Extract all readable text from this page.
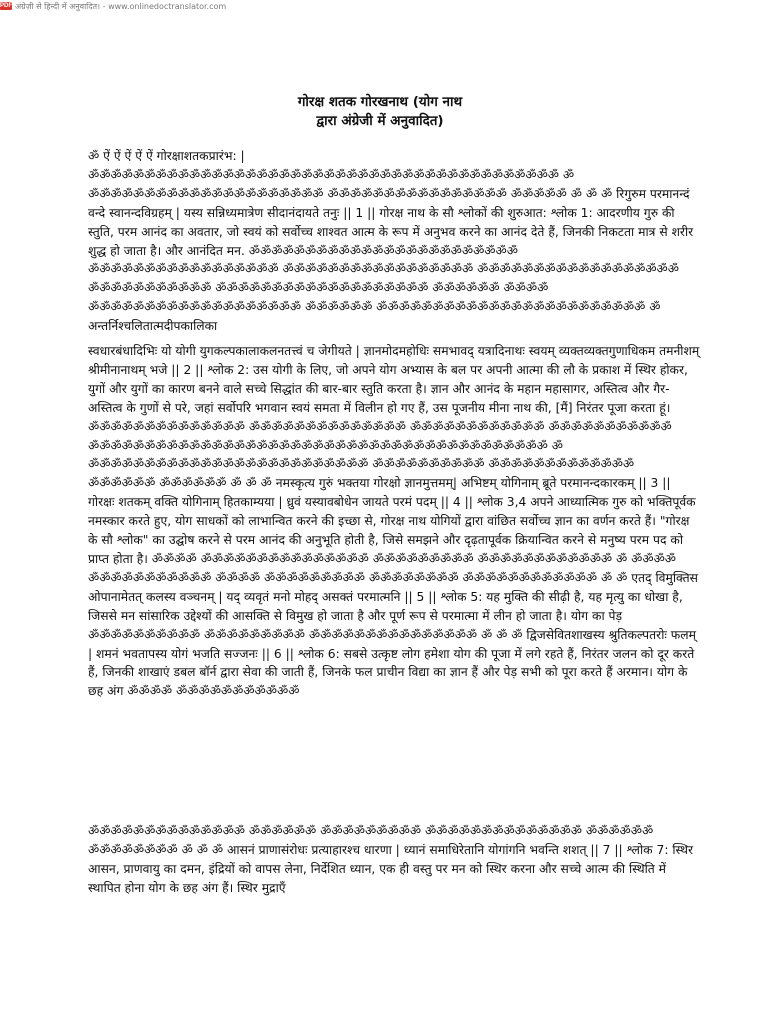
PDF अंग्रेज़ी से हिन्दी में अनुवादित। - www.onlinedoctranslator.com
गोरक्ष शतक गोरखनाथ (योग नाथ
द्वारा अंग्रेजी में अनुवादित)
ॐ ऐं ऐं ऐं ऐं ऐं गोरक्षाशतकप्रारंभ: | ॐॐॐॐॐॐॐॐॐॐॐॐॐॐॐॐॐॐॐॐॐॐॐॐॐॐॐॐॐॐॐॐॐॐॐॐॐॐॐॐॐॐ ॐ ॐॐॐॐॐॐॐॐॐॐॐॐॐॐॐॐॐॐॐॐॐ ॐॐॐॐॐॐॐॐॐॐॐॐॐॐॐॐ ॐॐॐॐॐ ॐ ॐ ॐ रिगुरुम परमानन्दं वन्दे स्वानन्दविग्रहम् | यस्य सन्निध्यमात्रेण सीदानंदायते तनुः || 1 || गोरक्ष नाथ के सौ श्लोकों की शुरुआत: श्लोक 1: आदरणीय गुरु की स्तुति, परम आनंद का अवतार, जो स्वयं को सर्वोच्च शाश्वत आत्म के रूप में अनुभव करने का आनंद देते हैं, जिनकी निकटता मात्र से शरीर शुद्ध हो जाता है। और आनंदित मन. ॐॐॐॐॐॐॐॐॐॐॐॐॐॐॐॐॐॐॐॐॐॐॐॐ ॐॐॐॐॐॐॐॐॐॐॐॐॐॐॐॐॐ ॐॐॐॐॐॐॐॐॐॐॐॐॐॐॐॐॐ ॐॐॐॐॐॐॐॐॐॐॐॐॐॐॐॐॐॐ ॐॐॐॐॐॐॐॐॐॐॐ ॐॐॐॐॐॐॐॐॐॐॐॐॐॐॐॐॐॐॐ ॐॐॐॐॐॐ ॐॐॐॐ ॐॐॐॐॐॐॐॐॐॐॐॐॐॐॐॐॐॐॐ ॐॐॐॐॐॐ ॐॐॐॐॐॐॐॐॐॐॐॐॐॐॐॐॐॐॐॐॐॐॐॐ ॐ अन्तर्निश्चलितात्मदीपकालिका
स्वधारबंधादिभिः यो योगी युगकल्पकालाकलनतत्त्वं च जेगीयते | ज्ञानमोदमहोधिः समभावद् यत्रादिनाथः स्वयम् व्यक्तव्यक्तगुणाधिकम तमनीशम् श्रीमीनानाथम् भजे || 2 || श्लोक 2: उस योगी के लिए, जो अपने योग अभ्यास के बल पर अपनी आत्मा की लौ के प्रकाश में स्थिर होकर, युगों और युगों का कारण बनने वाले सच्चे सिद्धांत की बार-बार स्तुति करता है। ज्ञान और आनंद के महान महासागर, अस्तित्व और गैर-अस्तित्व के गुणों से परे, जहां सर्वोपरि भगवान स्वयं समता में विलीन हो गए हैं, उस पूजनीय मीना नाथ की, [मैं] निरंतर पूजा करता हूं। ॐॐॐॐॐॐॐॐॐॐॐॐॐॐ ॐॐॐॐॐॐॐॐॐॐॐॐॐॐ ॐॐॐॐॐॐॐॐॐॐॐॐ ॐॐॐॐॐॐॐॐॐॐॐ ॐॐॐॐॐॐॐॐॐॐॐॐॐॐॐॐॐॐॐॐॐॐॐॐॐॐॐॐॐॐॐॐॐॐॐॐॐॐॐॐॐ ॐ ॐॐॐॐॐॐॐॐॐॐॐॐॐॐॐॐॐॐॐॐॐॐॐॐॐ ॐॐॐॐॐॐॐॐॐॐ ॐॐॐॐॐॐॐॐॐॐॐॐॐ ॐॐॐॐॐॐ ॐॐॐॐॐॐ ॐ ॐ ॐ नमस्कृत्य गुरुं भक्तया गोरक्षो ज्ञानमुत्तमम्| अभिष्टम् योगिनाम् ब्रूते परमानन्दकारकम् || 3 || गोरक्षः शतकम् वक्ति योगिनाम् हितकाम्यया | ध्रुवं यस्यावबोधेन जायते परमं पदम् || 4 || श्लोक 3,4 अपने आध्यात्मिक गुरु को भक्तिपूर्वक नमस्कार करते हुए, योग साधकों को लाभान्वित करने की इच्छा से, गोरक्ष नाथ योगियों द्वारा वांछित सर्वोच्च ज्ञान का वर्णन करते हैं। "गोरक्ष के सौ श्लोक" का उद्घोष करने से परम आनंद की अनुभूति होती है, जिसे समझने और दृढ़तापूर्वक क्रियान्वित करने से मनुष्य परम पद को प्राप्त होता है। ॐॐॐॐ ॐॐॐॐॐॐॐॐॐॐॐॐॐॐॐ ॐॐॐॐॐॐॐॐॐ ॐॐॐॐॐॐॐॐॐॐॐॐ ॐ ॐॐॐॐ ॐॐॐॐॐॐॐॐॐॐॐ ॐॐॐॐ ॐॐॐॐॐॐॐॐॐ ॐॐॐॐॐॐॐॐ ॐॐॐॐॐॐॐॐॐॐॐॐ ॐ ॐ एतद् विमुक्तिस ओपानामेतत् कलस्य वञ्चनम् | यद् व्यवृतं मनो मोहद् असक्तं परमात्मनि || 5 || श्लोक 5: यह मुक्ति की सीढ़ी है, यह मृत्यु का धोखा है, जिससे मन सांसारिक उद्देश्यों की आसक्ति से विमुख हो जाता है और पूर्ण रूप से परमात्मा में लीन हो जाता है। योग का पेड़ ॐॐॐॐॐॐॐॐॐॐ ॐॐॐॐॐॐॐॐॐ ॐॐॐॐॐॐॐॐॐॐॐॐॐॐॐ ॐ ॐ ॐ द्विजसेवितशाखस्य श्रुतिकल्पतरोः फलम् | शमनं भवतापस्य योगं भजति सज्जनः || 6 || श्लोक 6: सबसे उत्कृष्ट लोग हमेशा योग की पूजा में लगे रहते हैं, निरंतर जलन को दूर करते हैं, जिनकी शाखाएं डबल बॉर्न द्वारा सेवा की जाती हैं, जिनके फल प्राचीन विद्या का ज्ञान हैं और पेड़ सभी को पूरा करते हैं अरमान। योग के छह अंग ॐॐॐॐ ॐॐॐॐॐॐॐॐॐॐॐ
ॐॐॐॐॐॐॐॐॐॐॐॐॐॐ ॐॐॐॐॐॐ ॐॐॐॐॐॐॐॐॐ ॐॐॐॐॐॐॐॐॐॐॐॐॐॐ ॐॐॐॐॐॐ ॐॐॐॐॐॐॐॐ ॐ ॐ ॐ आसनं प्राणासंरोधः प्रत्याहारश्च धारणा | ध्यानं समाधिरेतानि योगांगनि भवन्ति शशत् || 7 || श्लोक 7: स्थिर आसन, प्राणवायु का दमन, इंद्रियों को वापस लेना, निर्देशित ध्यान, एक ही वस्तु पर मन को स्थिर करना और सच्चे आत्म की स्थिति में स्थापित होना योग के छह अंग हैं। स्थिर मुद्राएँ
